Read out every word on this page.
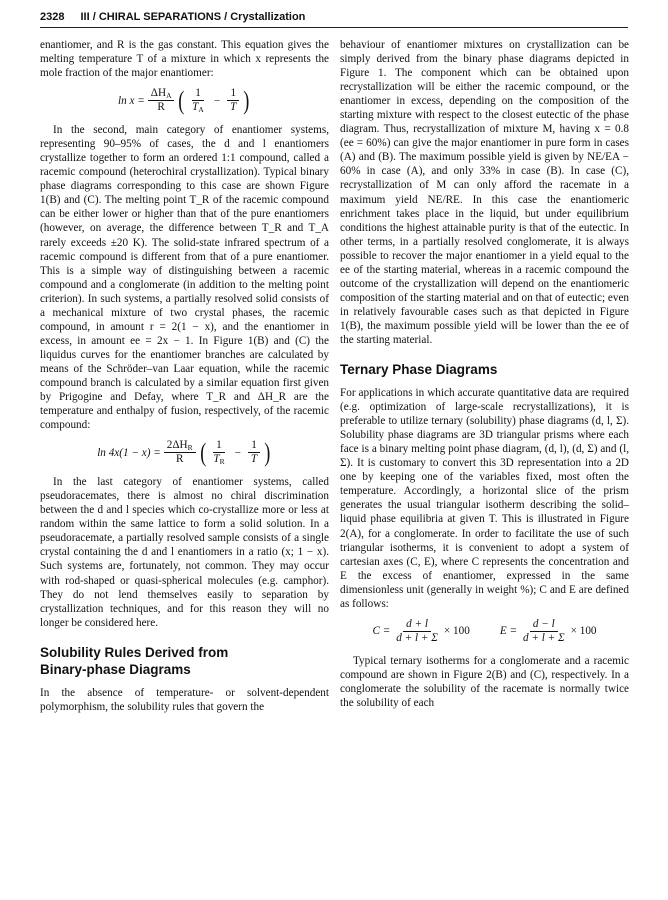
2328 III / CHIRAL SEPARATIONS / Crystallization

enantiomer, and R is the gas constant. This equation gives the melting temperature T of a mixture in which x represents the mole fraction of the major enantiomer:

$\ln x = \frac{\Delta H_A}{R}$ ( $\frac{1}{T_A} - \frac{1}{T}$ )

In the second, main category of enantiomer systems, representing 90–95% of cases, the d and l enantiomers crystallize together to form an ordered 1:1 compound, called a racemic compound (heterochiral crystallization). Typical binary phase diagrams corresponding to this case are shown Figure 1(B) and (C). The melting point T_R of the racemic compound can be either lower or higher than that of the pure enantiomers (however, on average, the difference between T_R and T_A rarely exceeds ±20 K). The solid-state infrared spectrum of a racemic compound is different from that of a pure enantiomer. This is a simple way of distinguishing between a racemic compound and a conglomerate (in addition to the melting point criterion). In such systems, a partially resolved solid consists of a mechanical mixture of two crystal phases, the racemic compound, in amount r = 2(1 − x), and the enantiomer in excess, in amount ee = 2x − 1. In Figure 1(B) and (C) the liquidus curves for the enantiomer branches are calculated by means of the Schröder–van Laar equation, while the racemic compound branch is calculated by a similar equation first given by Prigogine and Defay, where T_R and ΔH_R are the temperature and enthalpy of fusion, respectively, of the racemic compound:

$\ln 4x(1 - x) = \frac{2\Delta H_R}{R}$ ( $\frac{1}{T_R} - \frac{1}{T}$ )

In the last category of enantiomer systems, called pseudoracemates, there is almost no chiral discrimination between the d and l species which co-crystallize more or less at random within the same lattice to form a solid solution. In a pseudoracemate, a partially resolved sample consists of a single crystal containing the d and l enantiomers in a ratio (x; 1 − x). Such systems are, fortunately, not common. They may occur with rod-shaped or quasi-spherical molecules (e.g. camphor). They do not lend themselves easily to separation by crystallization techniques, and for this reason they will no longer be considered here.

Solubility Rules Derived from
Binary-phase Diagrams

In the absence of temperature- or solvent-dependent polymorphism, the solubility rules that govern the

behaviour of enantiomer mixtures on crystallization can be simply derived from the binary phase diagrams depicted in Figure 1. The component which can be obtained upon recrystallization will be either the racemic compound, or the enantiomer in excess, depending on the composition of the starting mixture with respect to the closest eutectic of the phase diagram. Thus, recrystallization of mixture M, having x = 0.8 (ee = 60%) can give the major enantiomer in pure form in cases (A) and (B). The maximum possible yield is given by NE/EA − 60% in case (A), and only 33% in case (B). In case (C), recrystallization of M can only afford the racemate in a maximum yield NE/RE. In this case the enantiomeric enrichment takes place in the liquid, but under equilibrium conditions the highest attainable purity is that of the eutectic. In other terms, in a partially resolved conglomerate, it is always possible to recover the major enantiomer in a yield equal to the ee of the starting material, whereas in a racemic compound the outcome of the crystallization will depend on the enantiomeric composition of the starting material and on that of eutectic; even in relatively favourable cases such as that depicted in Figure 1(B), the maximum possible yield will be lower than the ee of the starting material.

Ternary Phase Diagrams

For applications in which accurate quantitative data are required (e.g. optimization of large-scale recrystallizations), it is preferable to utilize ternary (solubility) phase diagrams (d, l, Σ). Solubility phase diagrams are 3D triangular prisms where each face is a binary melting point phase diagram, (d, l), (d, Σ) and (l, Σ). It is customary to convert this 3D representation into a 2D one by keeping one of the variables fixed, most often the temperature. Accordingly, a horizontal slice of the prism generates the usual triangular isotherm describing the solid–liquid phase equilibria at given T. This is illustrated in Figure 2(A), for a conglomerate. In order to facilitate the use of such triangular isotherms, it is convenient to adopt a system of cartesian axes (C, E), where C represents the concentration and E the excess of enantiomer, expressed in the same dimensionless unit (generally in weight %); C and E are defined as follows:

$C = \frac{d + l}{d + l + \Sigma} \times 100$	$E = \frac{d - l}{d + l + \Sigma} \times 100$

Typical ternary isotherms for a conglomerate and a racemic compound are shown in Figure 2(B) and (C), respectively. In a conglomerate the solubility of the racemate is normally twice the solubility of each
